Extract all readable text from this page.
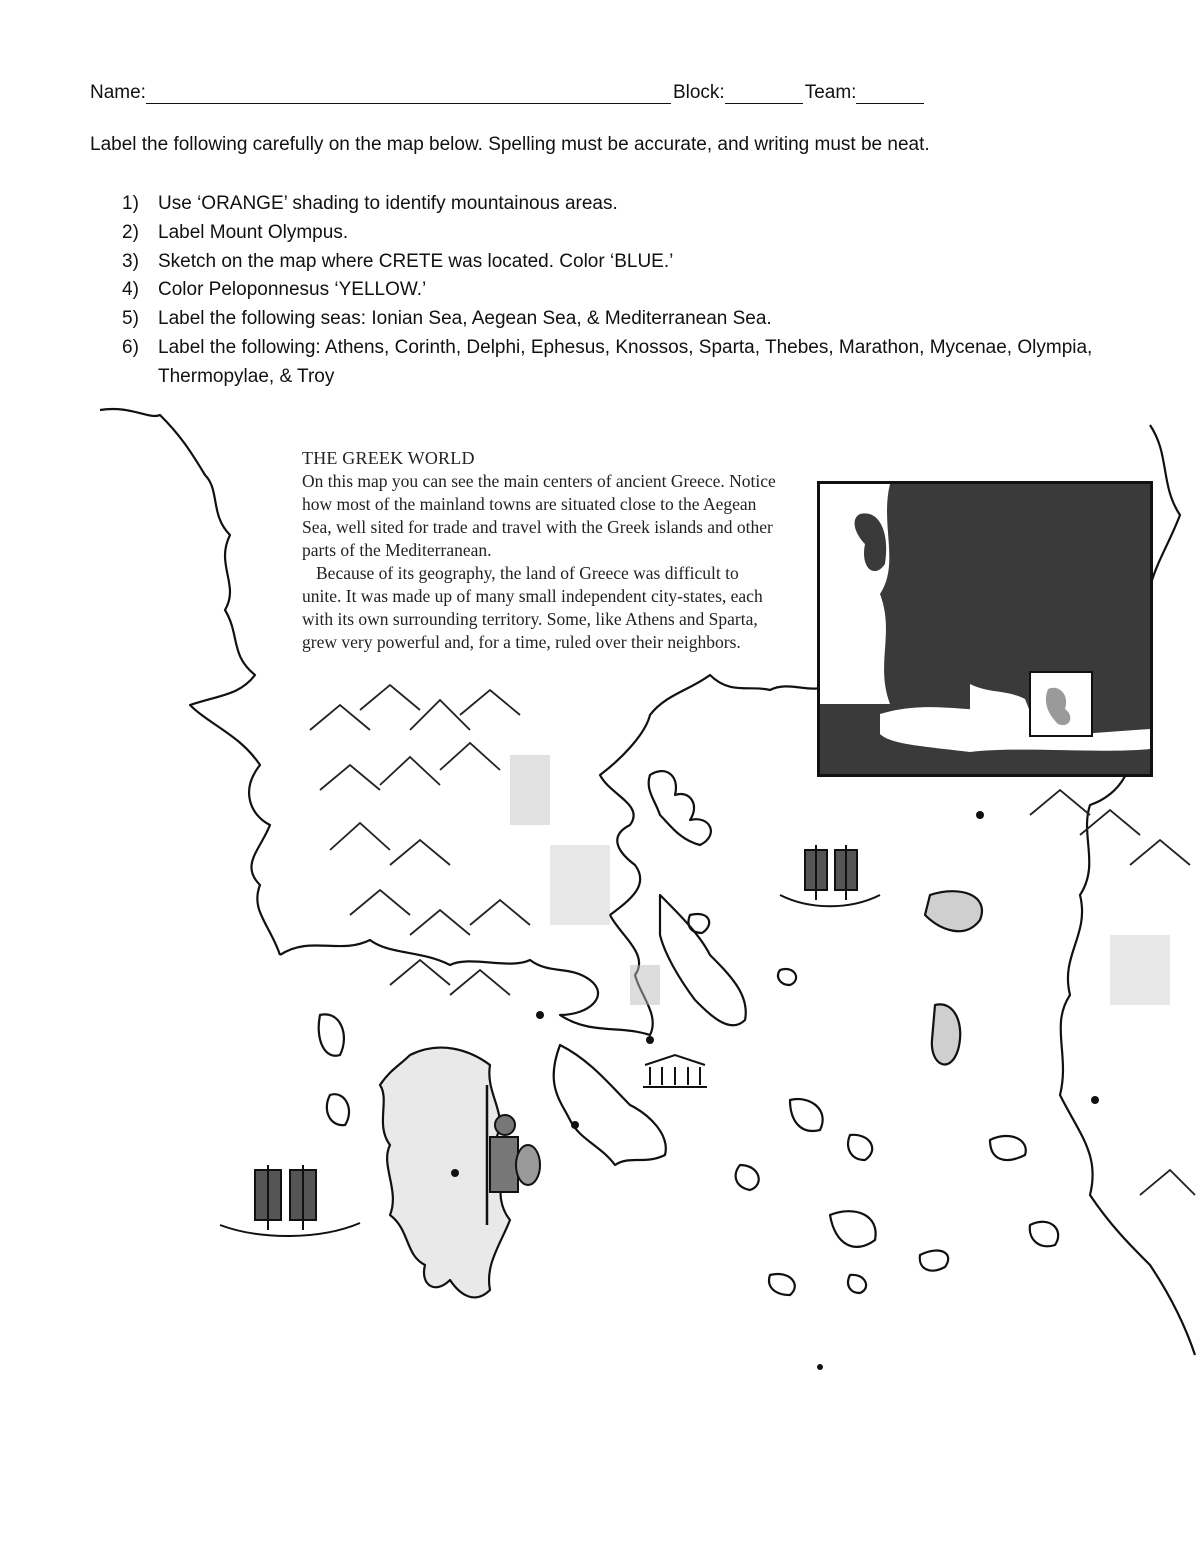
Name:	Block:	Team:
Label the following carefully on the map below. Spelling must be accurate, and writing must be neat.
1)	Use ‘ORANGE’ shading to identify mountainous areas.
2)	Label Mount Olympus.
3)	Sketch on the map where CRETE was located. Color ‘BLUE.’
4)	Color Peloponnesus ‘YELLOW.’
5)	Label the following seas: Ionian Sea, Aegean Sea, & Mediterranean Sea.
6)	Label the following: Athens, Corinth, Delphi, Ephesus, Knossos, Sparta, Thebes, Marathon, Mycenae, Olympia, Thermopylae, & Troy
THE GREEK WORLD

On this map you can see the main centers of ancient Greece. Notice how most of the mainland towns are situated close to the Aegean Sea, well sited for trade and travel with the Greek islands and other parts of the Mediterranean.

Because of its geography, the land of Greece was difficult to unite. It was made up of many small independent city-states, each with its own surrounding territory. Some, like Athens and Sparta, grew very powerful and, for a time, ruled over their neighbors.
